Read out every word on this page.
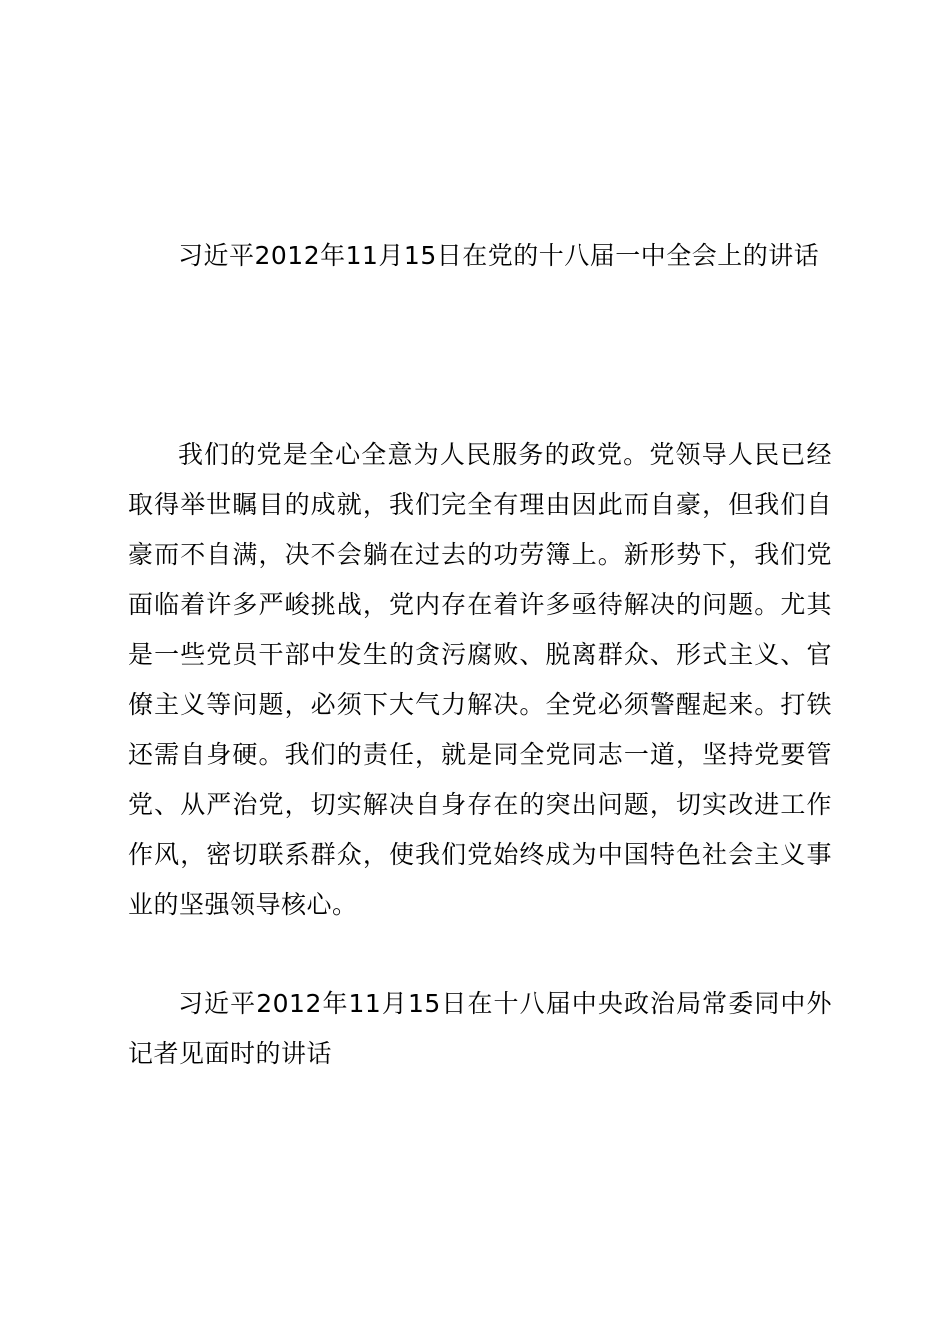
习近平2012年11月15日在党的十八届一中全会上的讲话

我们的党是全心全意为人民服务的政党。党领导人民已经取得举世瞩目的成就，我们完全有理由因此而自豪，但我们自豪而不自满，决不会躺在过去的功劳簿上。新形势下，我们党面临着许多严峻挑战，党内存在着许多亟待解决的问题。尤其是一些党员干部中发生的贪污腐败、脱离群众、形式主义、官僚主义等问题，必须下大气力解决。全党必须警醒起来。打铁还需自身硬。我们的责任，就是同全党同志一道，坚持党要管党、从严治党，切实解决自身存在的突出问题，切实改进工作作风，密切联系群众，使我们党始终成为中国特色社会主义事业的坚强领导核心。

习近平2012年11月15日在十八届中央政治局常委同中外记者见面时的讲话
